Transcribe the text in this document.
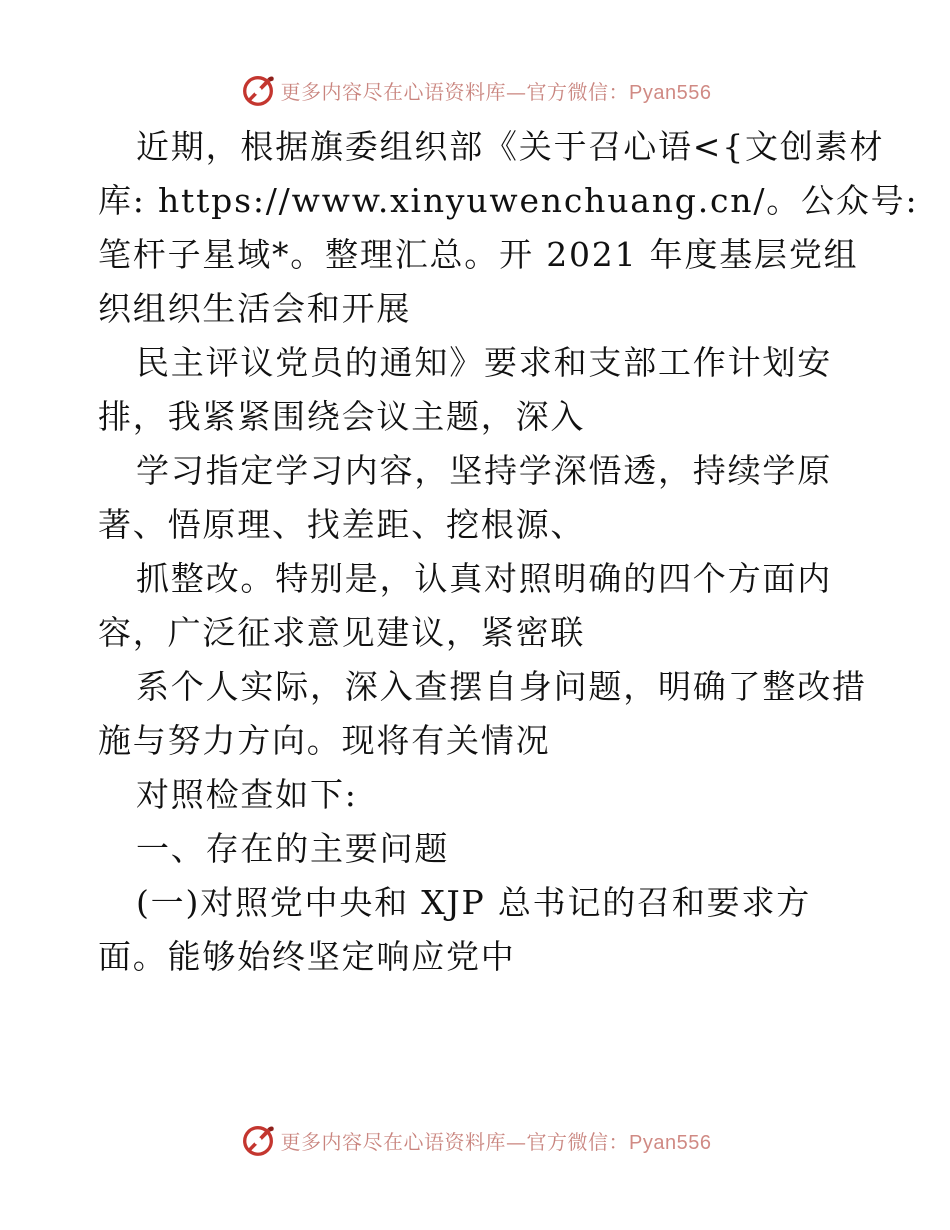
更多内容尽在心语资料库—官方微信：Pyan556
近期，根据旗委组织部《关于召心语<{文创素材
库: https://www.xinyuwenchuang.cn/。公众号:
笔杆子星域*。整理汇总。开 2021 年度基层党组
织组织生活会和开展
民主评议党员的通知》要求和支部工作计划安
排，我紧紧围绕会议主题，深入
学习指定学习内容，坚持学深悟透，持续学原
著、悟原理、找差距、挖根源、
抓整改。特别是，认真对照明确的四个方面内
容，广泛征求意见建议，紧密联
系个人实际，深入查摆自身问题，明确了整改措
施与努力方向。现将有关情况
对照检查如下:
一、存在的主要问题
(一)对照党中央和 XJP 总书记的召和要求方
面。能够始终坚定响应党中
更多内容尽在心语资料库—官方微信：Pyan556
